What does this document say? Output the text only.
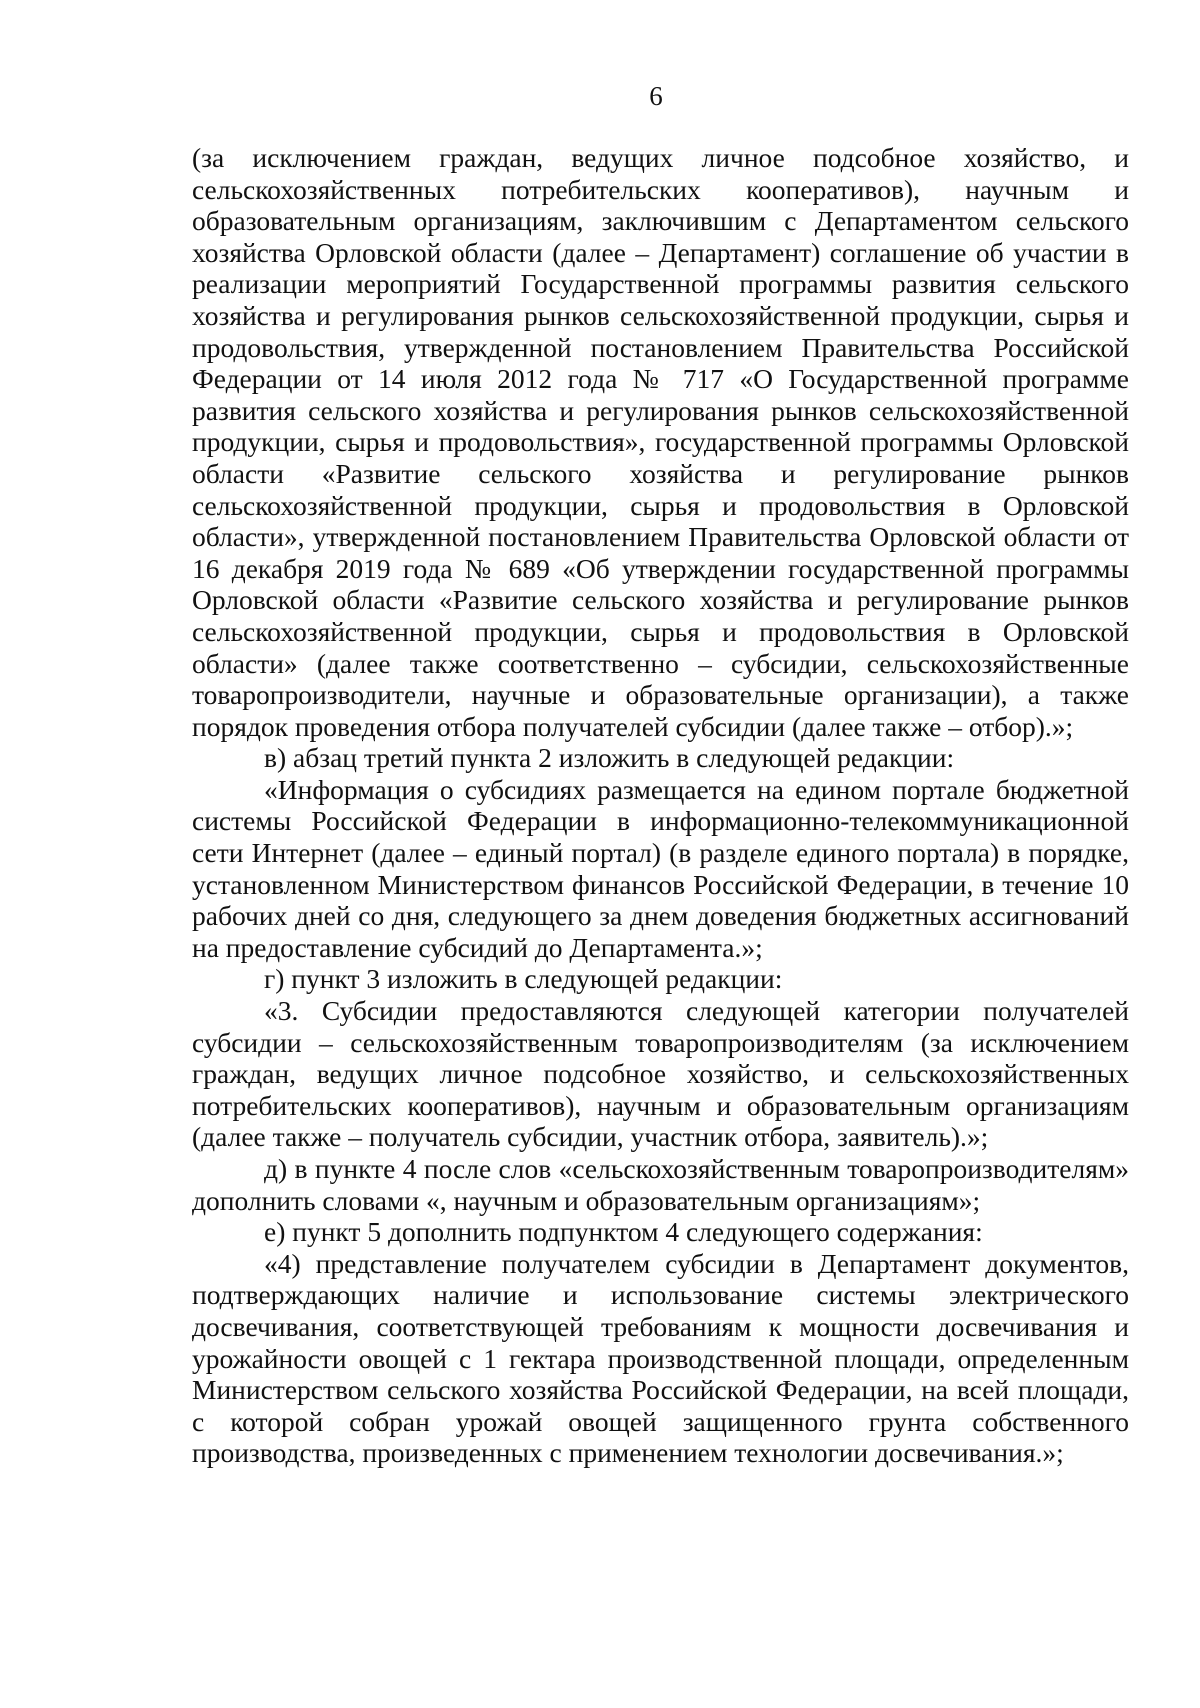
6

(за исключением граждан, ведущих личное подсобное хозяйство, и сельскохозяйственных потребительских кооперативов), научным и образовательным организациям, заключившим с Департаментом сельского хозяйства Орловской области (далее – Департамент) соглашение об участии в реализации мероприятий Государственной программы развития сельского хозяйства и регулирования рынков сельскохозяйственной продукции, сырья и продовольствия, утвержденной постановлением Правительства Российской Федерации от 14 июля 2012 года № 717 «О Государственной программе развития сельского хозяйства и регулирования рынков сельскохозяйственной продукции, сырья и продовольствия», государственной программы Орловской области «Развитие сельского хозяйства и регулирование рынков сельскохозяйственной продукции, сырья и продовольствия в Орловской области», утвержденной постановлением Правительства Орловской области от 16 декабря 2019 года № 689 «Об утверждении государственной программы Орловской области «Развитие сельского хозяйства и регулирование рынков сельскохозяйственной продукции, сырья и продовольствия в Орловской области» (далее также соответственно – субсидии, сельскохозяйственные товаропроизводители, научные и образовательные организации), а также порядок проведения отбора получателей субсидии (далее также – отбор).»;

в) абзац третий пункта 2 изложить в следующей редакции:

«Информация о субсидиях размещается на едином портале бюджетной системы Российской Федерации в информационно-телекоммуникационной сети Интернет (далее – единый портал) (в разделе единого портала) в порядке, установленном Министерством финансов Российской Федерации, в течение 10 рабочих дней со дня, следующего за днем доведения бюджетных ассигнований на предоставление субсидий до Департамента.»;

г) пункт 3 изложить в следующей редакции:

«3. Субсидии предоставляются следующей категории получателей субсидии – сельскохозяйственным товаропроизводителям (за исключением граждан, ведущих личное подсобное хозяйство, и сельскохозяйственных потребительских кооперативов), научным и образовательным организациям (далее также – получатель субсидии, участник отбора, заявитель).»;

д) в пункте 4 после слов «сельскохозяйственным товаропроизводителям» дополнить словами «, научным и образовательным организациям»;

е) пункт 5 дополнить подпунктом 4 следующего содержания:

«4) представление получателем субсидии в Департамент документов, подтверждающих наличие и использование системы электрического досвечивания, соответствующей требованиям к мощности досвечивания и урожайности овощей с 1 гектара производственной площади, определенным Министерством сельского хозяйства Российской Федерации, на всей площади, с которой собран урожай овощей защищенного грунта собственного производства, произведенных с применением технологии досвечивания.»;
